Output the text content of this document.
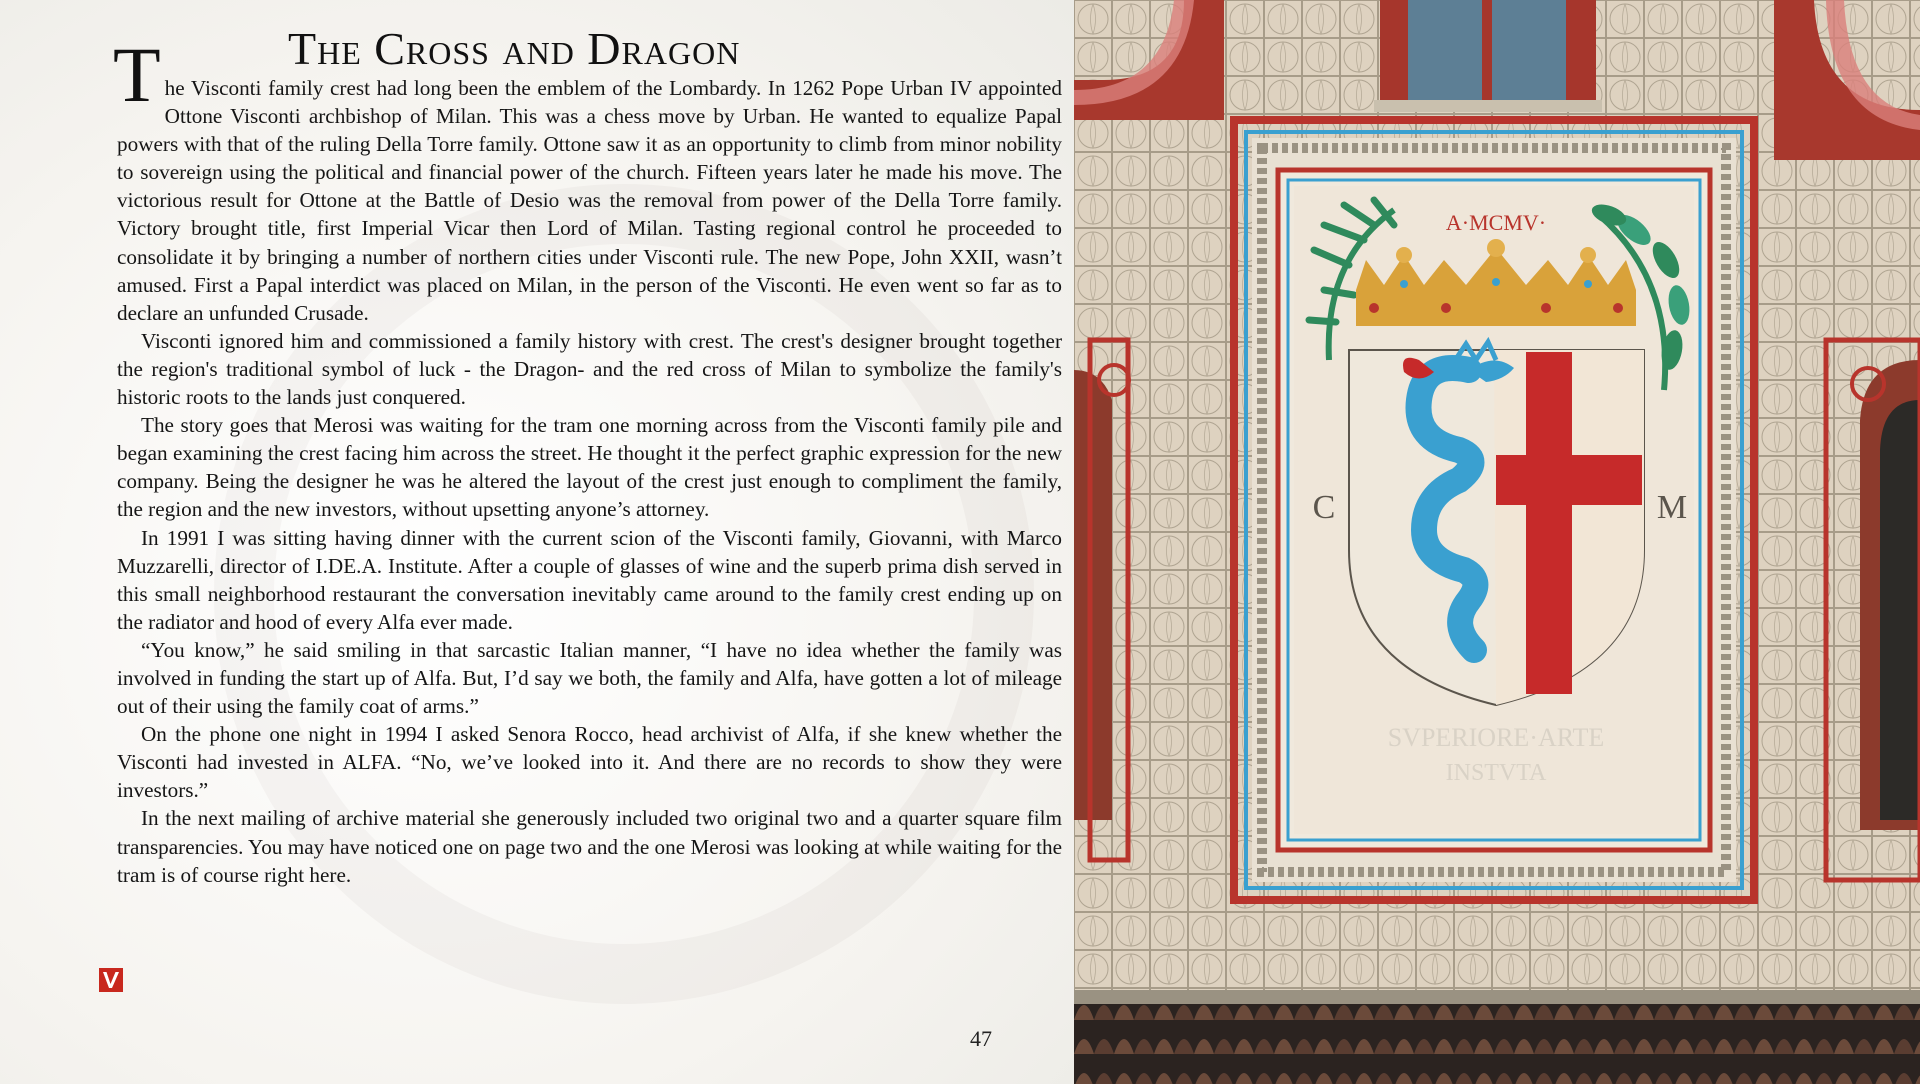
The Cross and Dragon

The Visconti family crest had long been the emblem of the Lombardy. In 1262 Pope Urban IV appointed Ottone Visconti archbishop of Milan. This was a chess move by Urban. He wanted to equalize Papal powers with that of the ruling Della Torre family. Ottone saw it as an opportunity to climb from minor nobility to sovereign using the political and financial power of the church. Fifteen years later he made his move. The victorious result for Ottone at the Battle of Desio was the removal from power of the Della Torre family. Victory brought title, first Imperial Vicar then Lord of Milan. Tasting regional control he proceeded to consolidate it by bringing a number of northern cities under Visconti rule. The new Pope, John XXII, wasn’t amused. First a Papal interdict was placed on Milan, in the person of the Visconti. He even went so far as to declare an unfunded Crusade.

Visconti ignored him and commissioned a family history with crest. The crest's designer brought together the region's traditional symbol of luck - the Dragon- and the red cross of Milan to symbolize the family's historic roots to the lands just conquered.

The story goes that Merosi was waiting for the tram one morning across from the Visconti family pile and began examining the crest facing him across the street. He thought it the perfect graphic expression for the new company. Being the designer he was he altered the layout of the crest just enough to compliment the family, the region and the new investors, without upsetting anyone’s attorney.

In 1991 I was sitting having dinner with the current scion of the Visconti family, Giovanni, with Marco Muzzarelli, director of I.DE.A. Institute. After a couple of glasses of wine and the superb prima dish served in this small neighborhood restaurant the conversation inevitably came around to the family crest ending up on the radiator and hood of every Alfa ever made.

“You know,” he said smiling in that sarcastic Italian manner, “I have no idea whether the family was involved in funding the start up of Alfa. But, I’d say we both, the family and Alfa, have gotten a lot of mileage out of their using the family coat of arms.”

On the phone one night in 1994 I asked Senora Rocco, head archivist of Alfa, if she knew whether the Visconti had invested in ALFA. “No, we’ve looked into it. And there are no records to show they were investors.”

In the next mailing of archive material she generously included two original two and a quarter square film transparencies. You may have noticed one on page two and the one Merosi was looking at while waiting for the tram is of course right here.

47
A·MCMV·
C	M
SVPERIORE·ARTE
INSTVTA
